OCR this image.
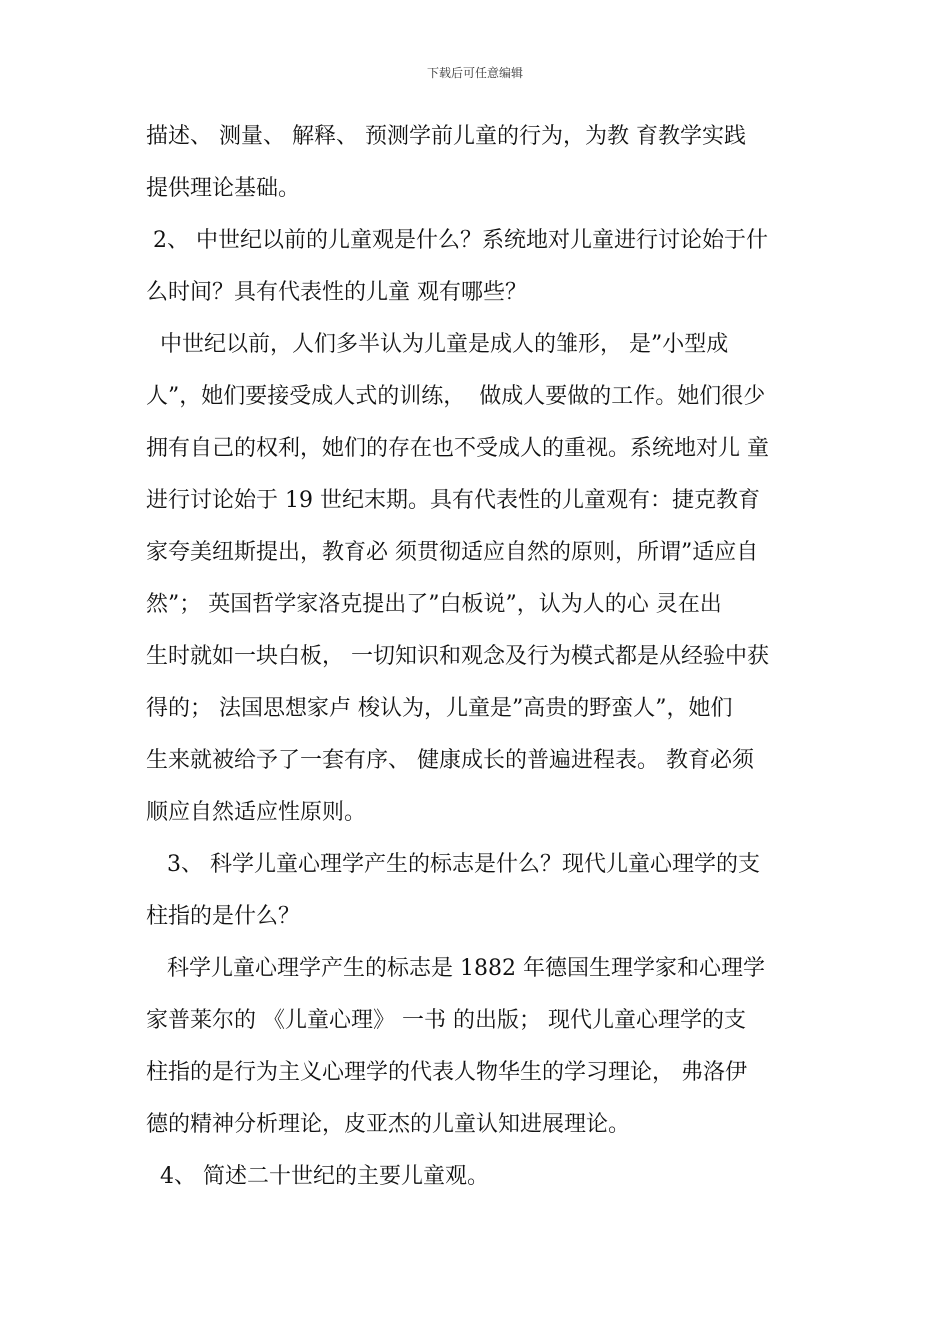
下载后可任意编辑
描述、 测量、 解释、 预测学前儿童的行为，为教 育教学实践
提供理论基础。
2、 中世纪以前的儿童观是什么？系统地对儿童进行讨论始于什
么时间？具有代表性的儿童 观有哪些？
中世纪以前，人们多半认为儿童是成人的雏形， 是”小型成
人”，她们要接受成人式的训练，  做成人要做的工作。她们很少
拥有自己的权利，她们的存在也不受成人的重视。系统地对儿 童
进行讨论始于 19 世纪末期。具有代表性的儿童观有：捷克教育
家夸美纽斯提出，教育必 须贯彻适应自然的原则，所谓”适应自
然”； 英国哲学家洛克提出了”白板说”，认为人的心 灵在出
生时就如一块白板， 一切知识和观念及行为模式都是从经验中获
得的； 法国思想家卢 梭认为，儿童是”高贵的野蛮人”，她们
生来就被给予了一套有序、 健康成长的普遍进程表。 教育必须
顺应自然适应性原则。
3、 科学儿童心理学产生的标志是什么？现代儿童心理学的支
柱指的是什么？
科学儿童心理学产生的标志是 1882 年德国生理学家和心理学
家普莱尔的 《儿童心理》 一书 的出版； 现代儿童心理学的支
柱指的是行为主义心理学的代表人物华生的学习理论， 弗洛伊
德的精神分析理论，皮亚杰的儿童认知进展理论。
4、 简述二十世纪的主要儿童观。
